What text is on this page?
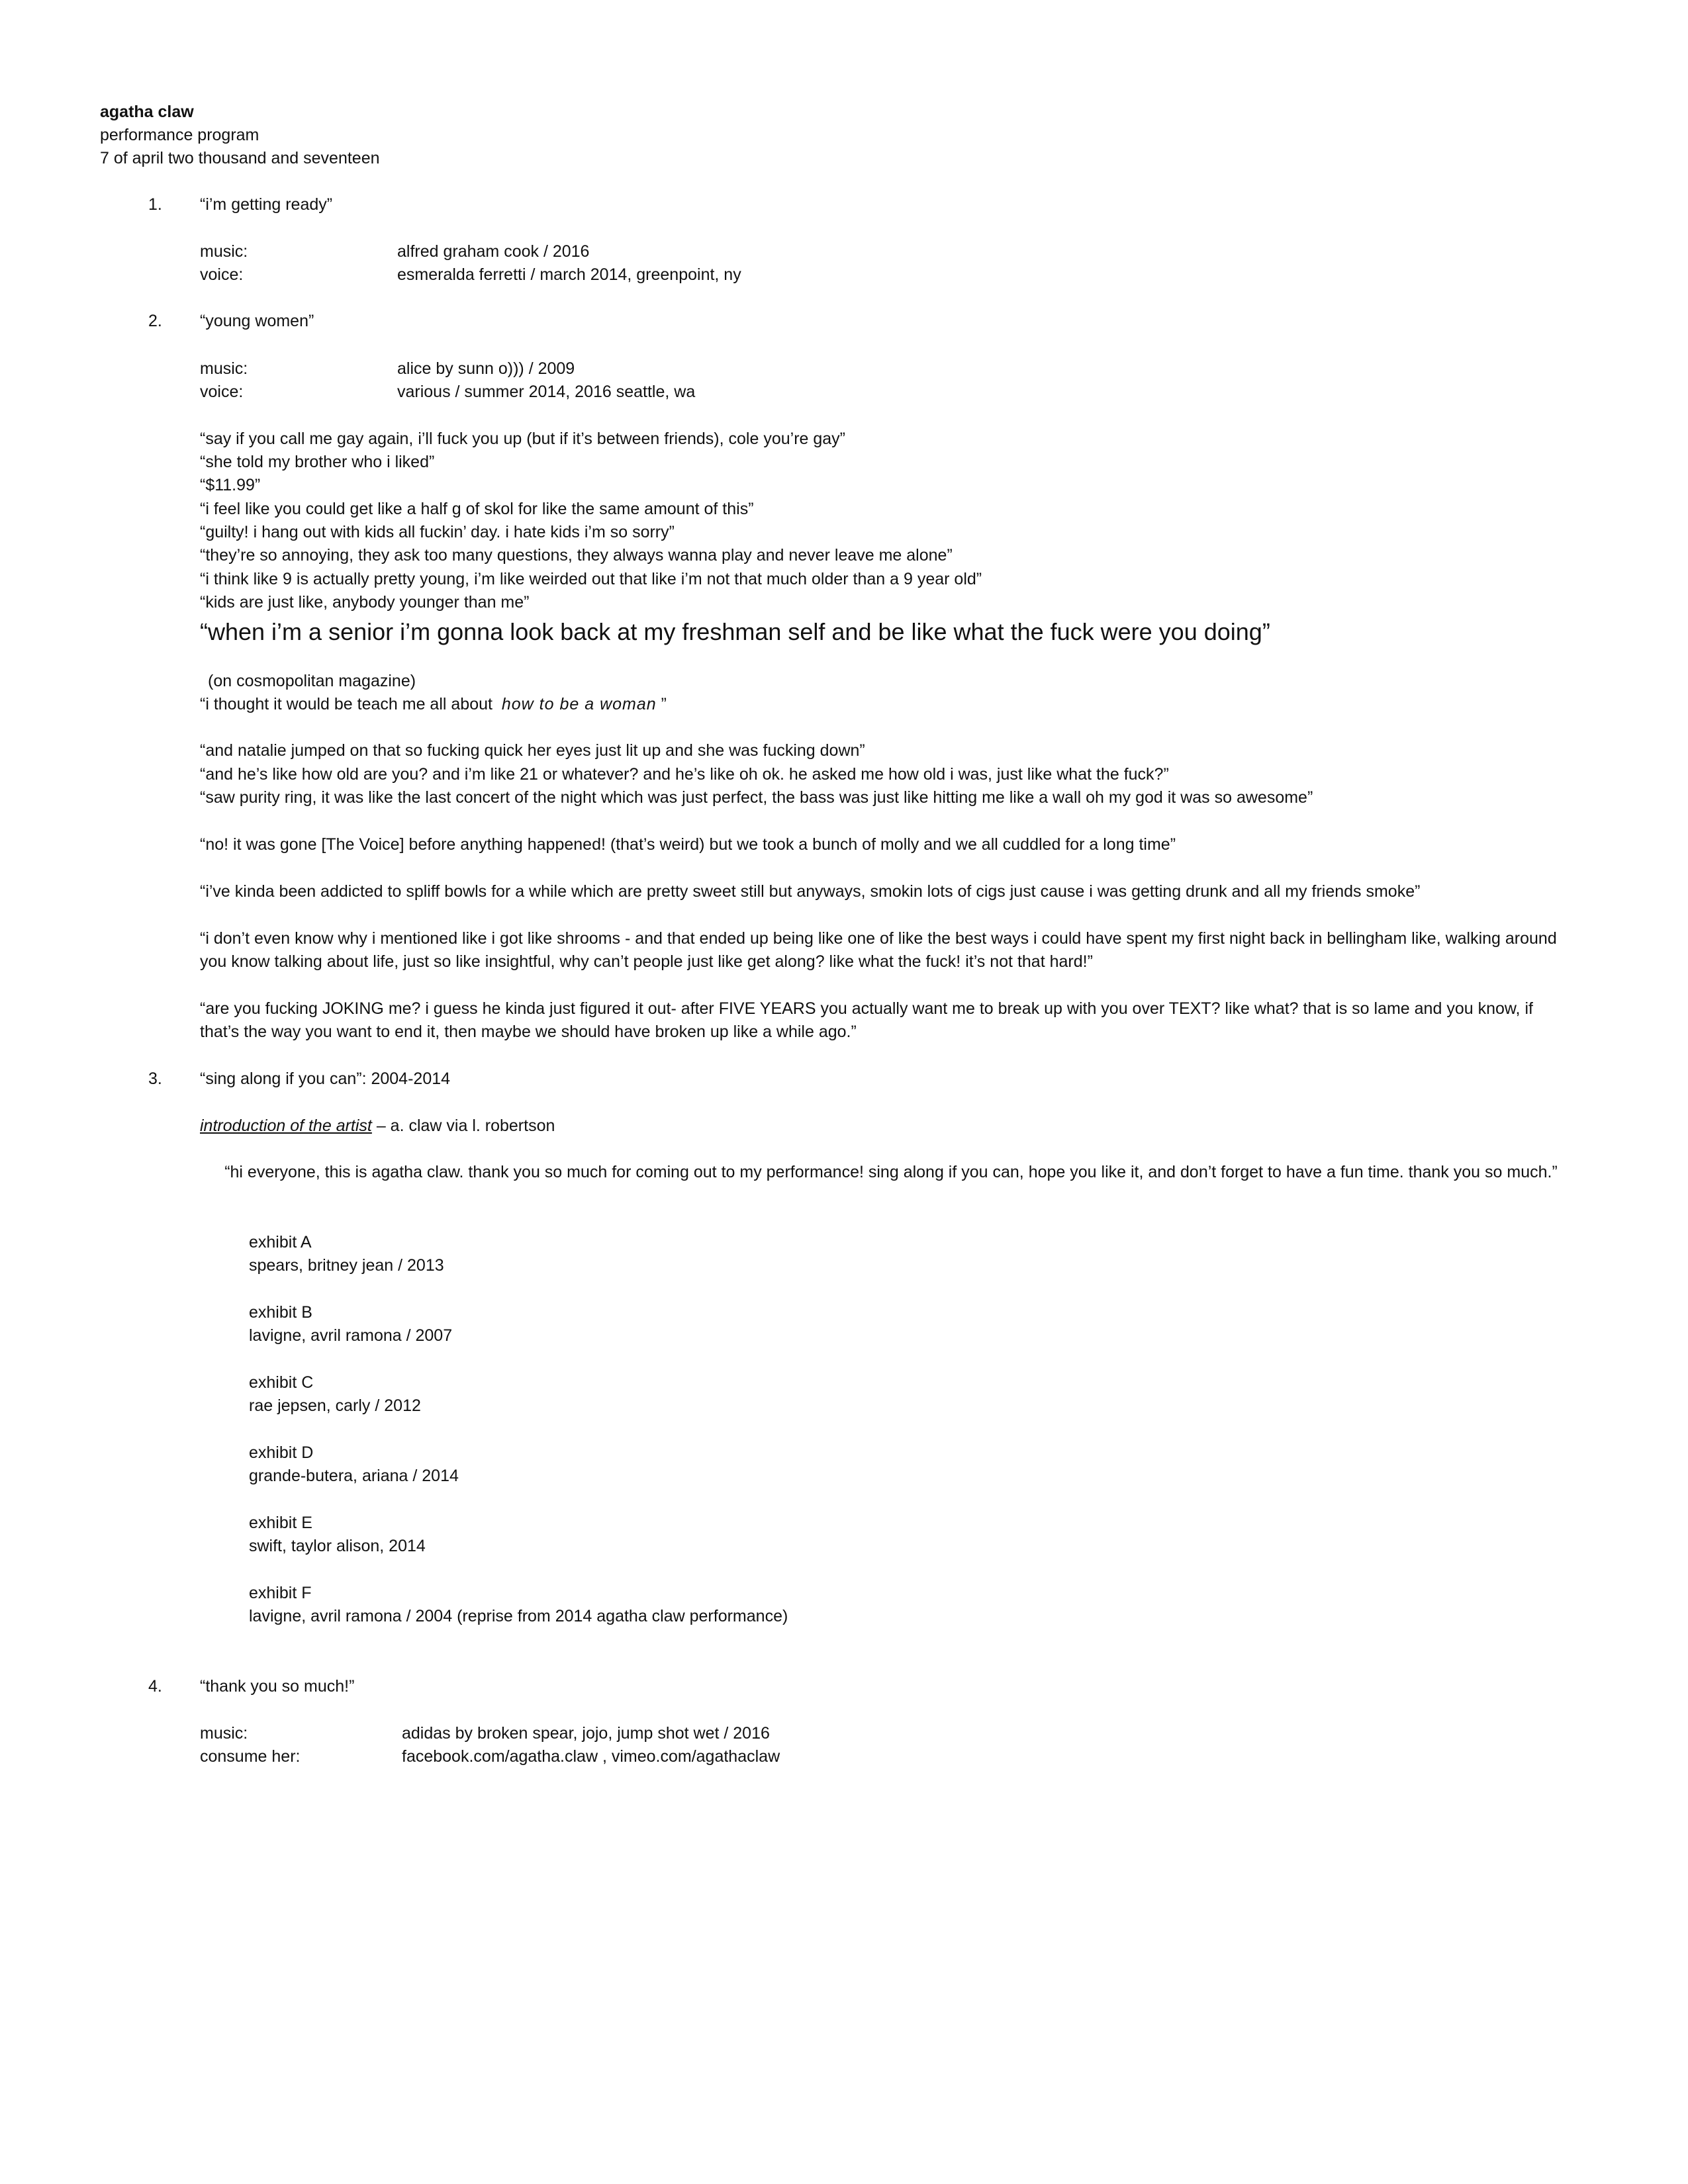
agatha claw
performance program
7 of april two thousand and seventeen
1. “i’m getting ready”
music:	alfred graham cook / 2016
voice:	esmeralda ferretti / march 2014, greenpoint, ny
2. “young women”
music:	alice by sunn o))) / 2009
voice:	various / summer 2014, 2016 seattle, wa
“say if you call me gay again, i’ll fuck you up (but if it’s between friends), cole you’re gay”
“she told my brother who i liked”
“$11.99”
“i feel like you could get like a half g of skol for like the same amount of this”
“guilty! i hang out with kids all fuckin’ day. i hate kids i’m so sorry”
“they’re so annoying, they ask too many questions, they always wanna play and never leave me alone”
“i think like 9 is actually pretty young, i’m like weirded out that like i’m not that much older than a 9 year old”
“kids are just like, anybody younger than me”
“when i’m a senior i’m gonna look back at my freshman self and be like what the fuck were you doing”
(on cosmopolitan magazine)
“i thought it would be teach me all about how to be a woman ”
“and natalie jumped on that so fucking quick her eyes just lit up and she was fucking down”
“and he’s like how old are you? and i’m like 21 or whatever? and he’s like oh ok. he asked me how old i was, just like what the fuck?”
“saw purity ring, it was like the last concert of the night which was just perfect, the bass was just like hitting me like a wall oh my god it was so awesome”
“no! it was gone [The Voice] before anything happened! (that’s weird) but we took a bunch of molly and we all cuddled for a long time”
“i’ve kinda been addicted to spliff bowls for a while which are pretty sweet still but anyways, smokin lots of cigs just cause i was getting drunk and all my friends smoke”
“i don’t even know why i mentioned like i got like shrooms - and that ended up being like one of like the best ways i could have spent my first night back in bellingham like, walking around you know talking about life, just so like insightful, why can’t people just like get along? like what the fuck! it’s not that hard!”
“are you fucking JOKING me? i guess he kinda just figured it out- after FIVE YEARS you actually want me to break up with you over TEXT? like what? that is so lame and you know, if that’s the way you want to end it, then maybe we should have broken up like a while ago.”
3. “sing along if you can”: 2004-2014
introduction of the artist – a. claw via l. robertson
“hi everyone, this is agatha claw. thank you so much for coming out to my performance! sing along if you can, hope you like it, and don’t forget to have a fun time. thank you so much.”
exhibit A
spears, britney jean / 2013
exhibit B
lavigne, avril ramona / 2007
exhibit C
rae jepsen, carly / 2012
exhibit D
grande-butera, ariana / 2014
exhibit E
swift, taylor alison, 2014
exhibit F
lavigne, avril ramona / 2004 (reprise from 2014 agatha claw performance)
4. “thank you so much!”
music:	adidas by broken spear, jojo, jump shot wet / 2016
consume her:	facebook.com/agatha.claw , vimeo.com/agathaclaw
